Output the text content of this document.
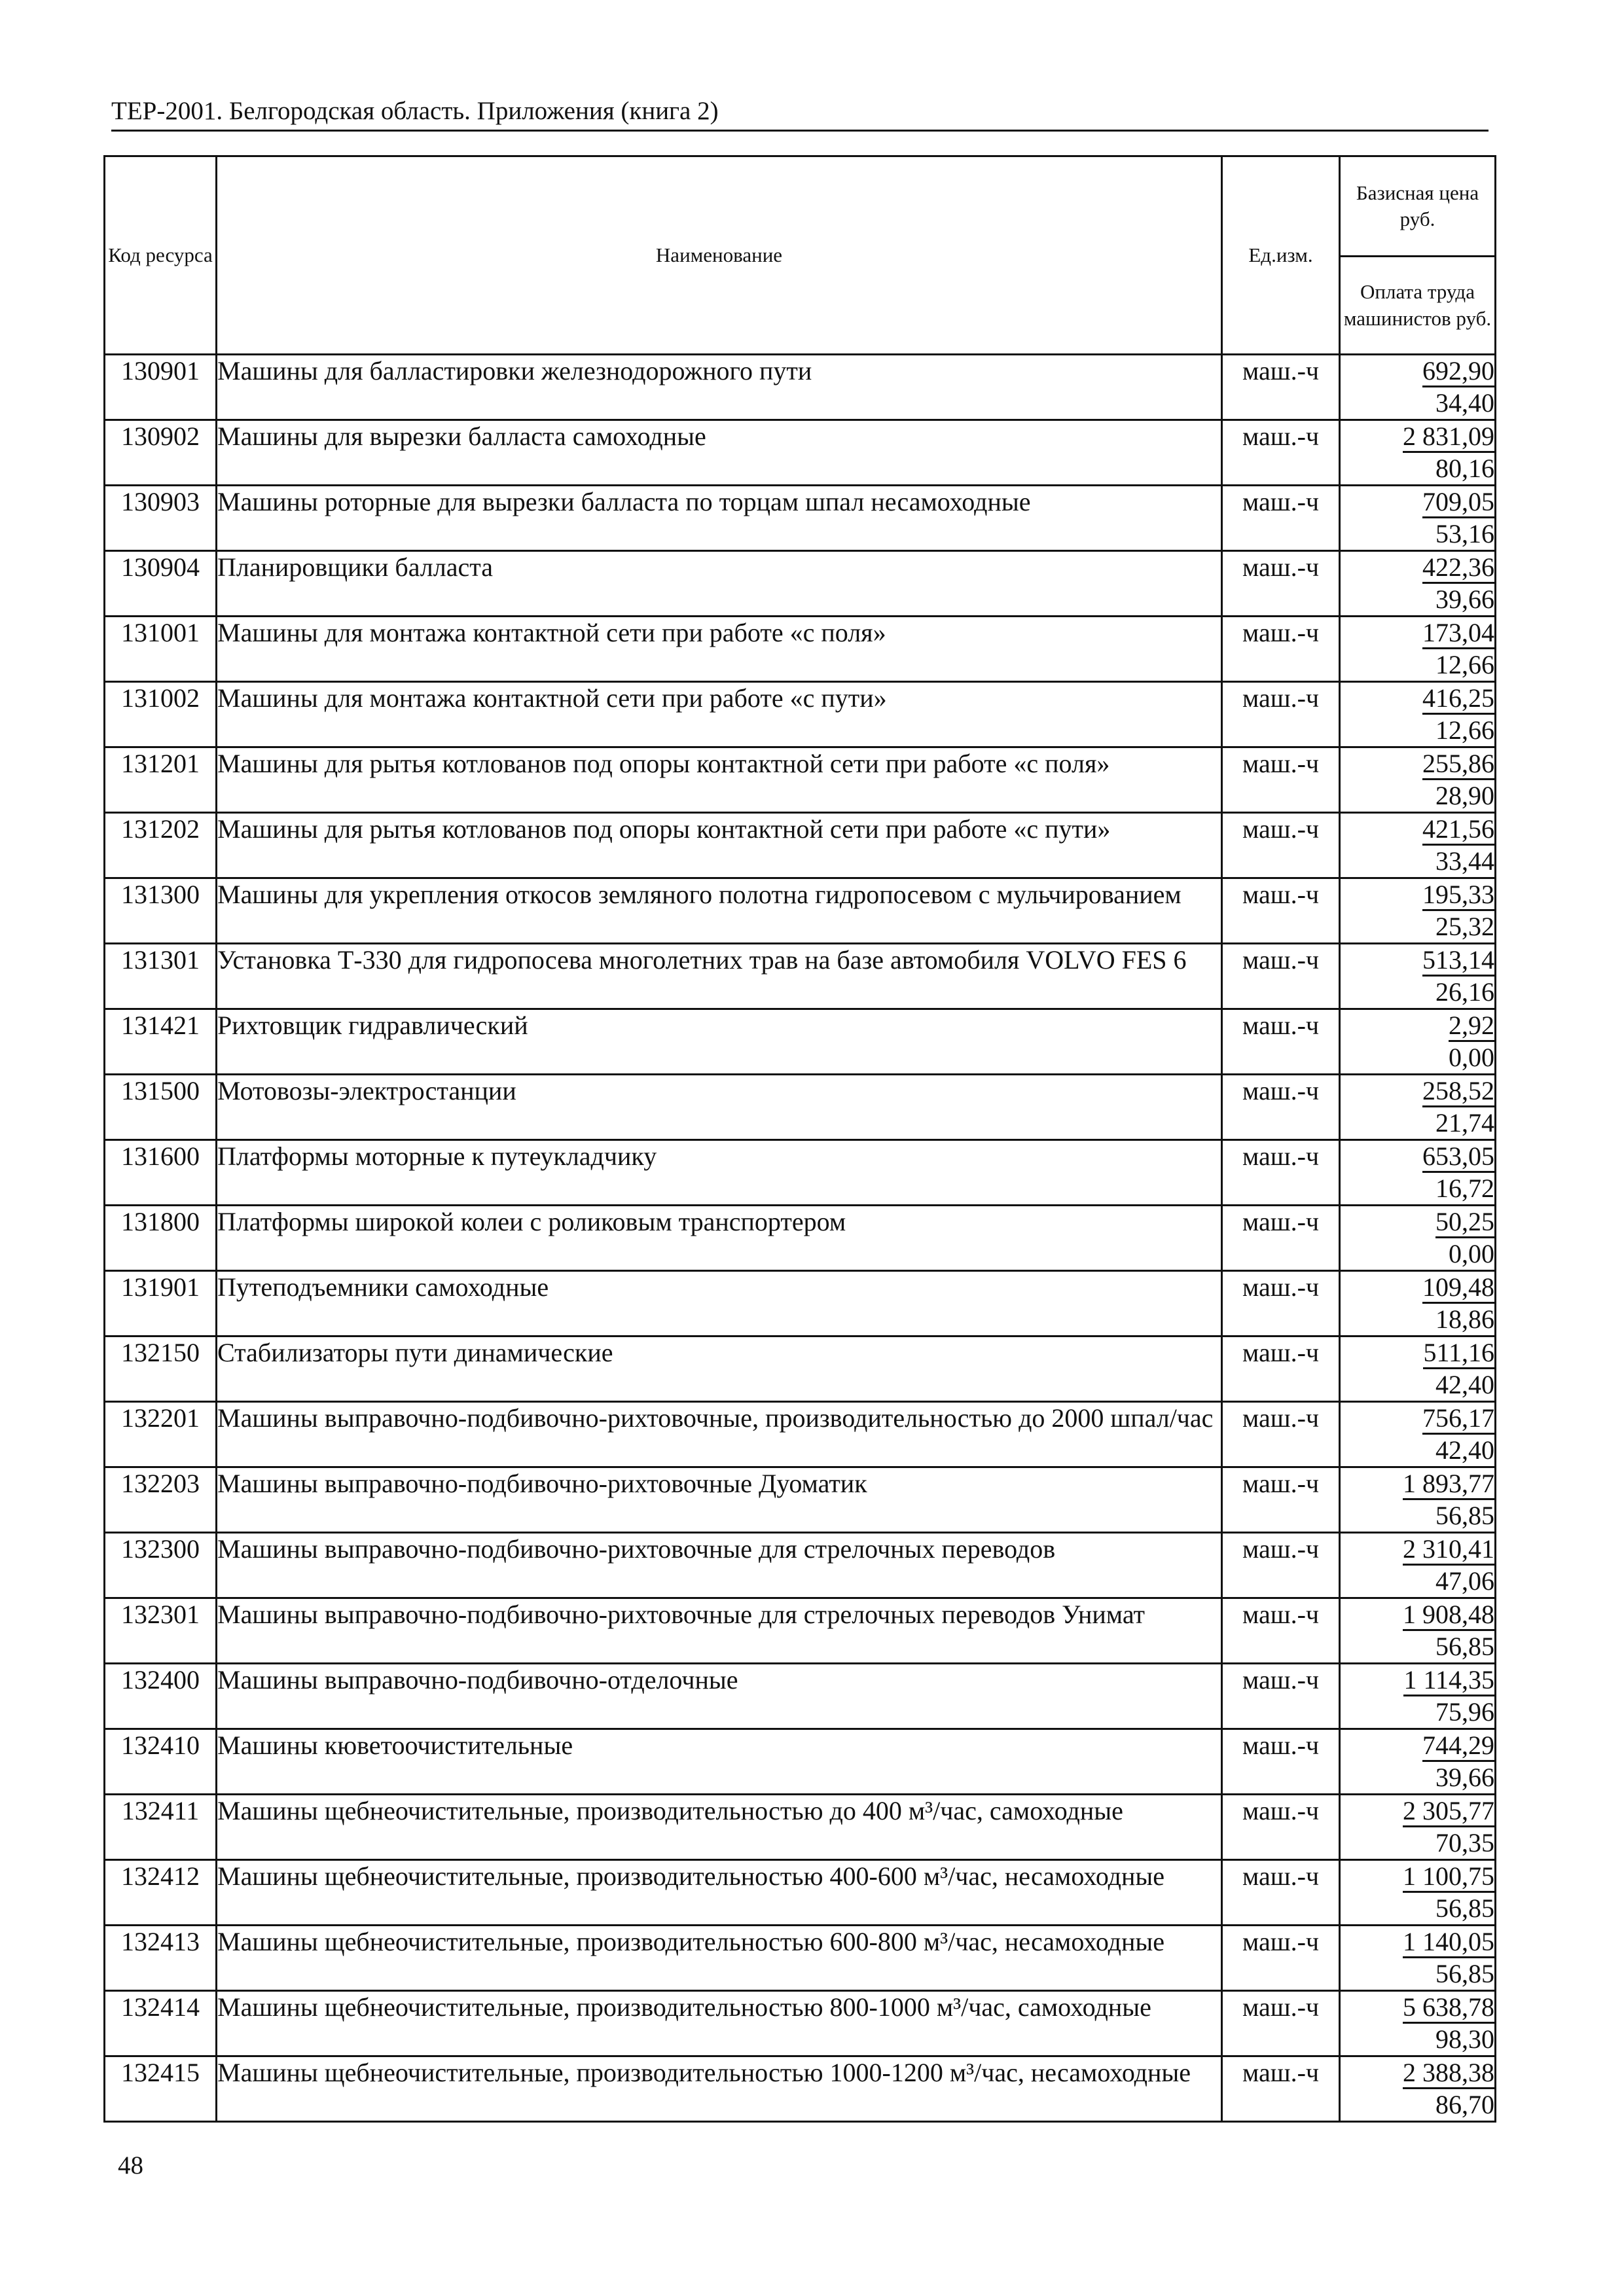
ТЕР-2001. Белгородская область. Приложения (книга 2)
Код ресурса	Наименование	Ед.изм.	Базисная цена руб.
			Оплата труда машинистов руб.
130901	Машины для балластировки железнодорожного пути	маш.-ч	692,90
34,40

130902	Машины для вырезки балласта самоходные	маш.-ч	2 831,09
80,16

130903	Машины роторные для вырезки балласта по торцам шпал несамоходные	маш.-ч	709,05
53,16

130904	Планировщики балласта	маш.-ч	422,36
39,66

131001	Машины для монтажа контактной сети при работе «с поля»	маш.-ч	173,04
12,66

131002	Машины для монтажа контактной сети при работе «с пути»	маш.-ч	416,25
12,66

131201	Машины для рытья котлованов под опоры контактной сети при работе «с поля»	маш.-ч	255,86
28,90

131202	Машины для рытья котлованов под опоры контактной сети при работе «с пути»	маш.-ч	421,56
33,44

131300	Машины для укрепления откосов земляного полотна гидропосевом с мульчированием	маш.-ч	195,33
25,32

131301	Установка Т-330 для гидропосева многолетних трав на базе автомобиля VOLVO FES 6	маш.-ч	513,14
26,16

131421	Рихтовщик гидравлический	маш.-ч	2,92
0,00

131500	Мотовозы-электростанции	маш.-ч	258,52
21,74

131600	Платформы моторные к путеукладчику	маш.-ч	653,05
16,72

131800	Платформы широкой колеи с роликовым транспортером	маш.-ч	50,25
0,00

131901	Путеподъемники самоходные	маш.-ч	109,48
18,86

132150	Стабилизаторы пути динамические	маш.-ч	511,16
42,40

132201	Машины выправочно-подбивочно-рихтовочные, производительностью до 2000 шпал/час	маш.-ч	756,17
42,40

132203	Машины выправочно-подбивочно-рихтовочные Дуоматик	маш.-ч	1 893,77
56,85

132300	Машины выправочно-подбивочно-рихтовочные для стрелочных переводов	маш.-ч	2 310,41
47,06

132301	Машины выправочно-подбивочно-рихтовочные для стрелочных переводов Унимат	маш.-ч	1 908,48
56,85

132400	Машины выправочно-подбивочно-отделочные	маш.-ч	1 114,35
75,96

132410	Машины кюветоочистительные	маш.-ч	744,29
39,66

132411	Машины щебнеочистительные, производительностью до 400 м³/час, самоходные	маш.-ч	2 305,77
70,35

132412	Машины щебнеочистительные, производительностью 400-600 м³/час, несамоходные	маш.-ч	1 100,75
56,85

132413	Машины щебнеочистительные, производительностью 600-800 м³/час, несамоходные	маш.-ч	1 140,05
56,85

132414	Машины щебнеочистительные, производительностью 800-1000 м³/час, самоходные	маш.-ч	5 638,78
98,30

132415	Машины щебнеочистительные, производительностью 1000-1200 м³/час, несамоходные	маш.-ч	2 388,38
86,70
48
